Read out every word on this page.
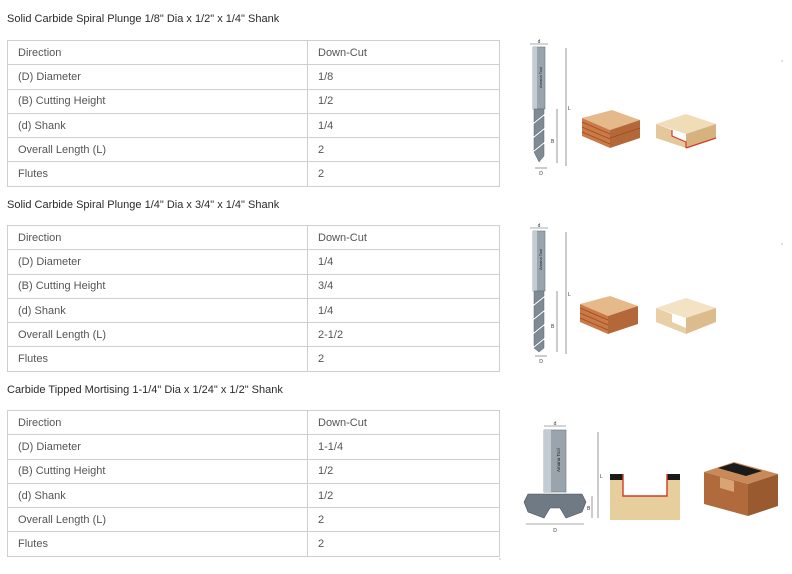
Solid Carbide Spiral Plunge 1/8" Dia x 1/2" x 1/4" Shank
Direction	Down-Cut
(D) Diameter	1/8
(B) Cutting Height	1/2
(d) Shank	1/4
Overall Length (L)	2
Flutes	2
d
Amana Tool
L
B
D
Solid Carbide Spiral Plunge 1/4" Dia x 3/4" x 1/4" Shank
Direction	Down-Cut
(D) Diameter	1/4
(B) Cutting Height	3/4
(d) Shank	1/4
Overall Length (L)	2-1/2
Flutes	2
d
Amana Tool
L
B
D
Carbide Tipped Mortising 1-1/4" Dia x 1/24" x 1/2" Shank
Direction	Down-Cut
(D) Diameter	1-1/4
(B) Cutting Height	1/2
(d) Shank	1/2
Overall Length (L)	2
Flutes	2
d
Amana Tool
L
B
D
